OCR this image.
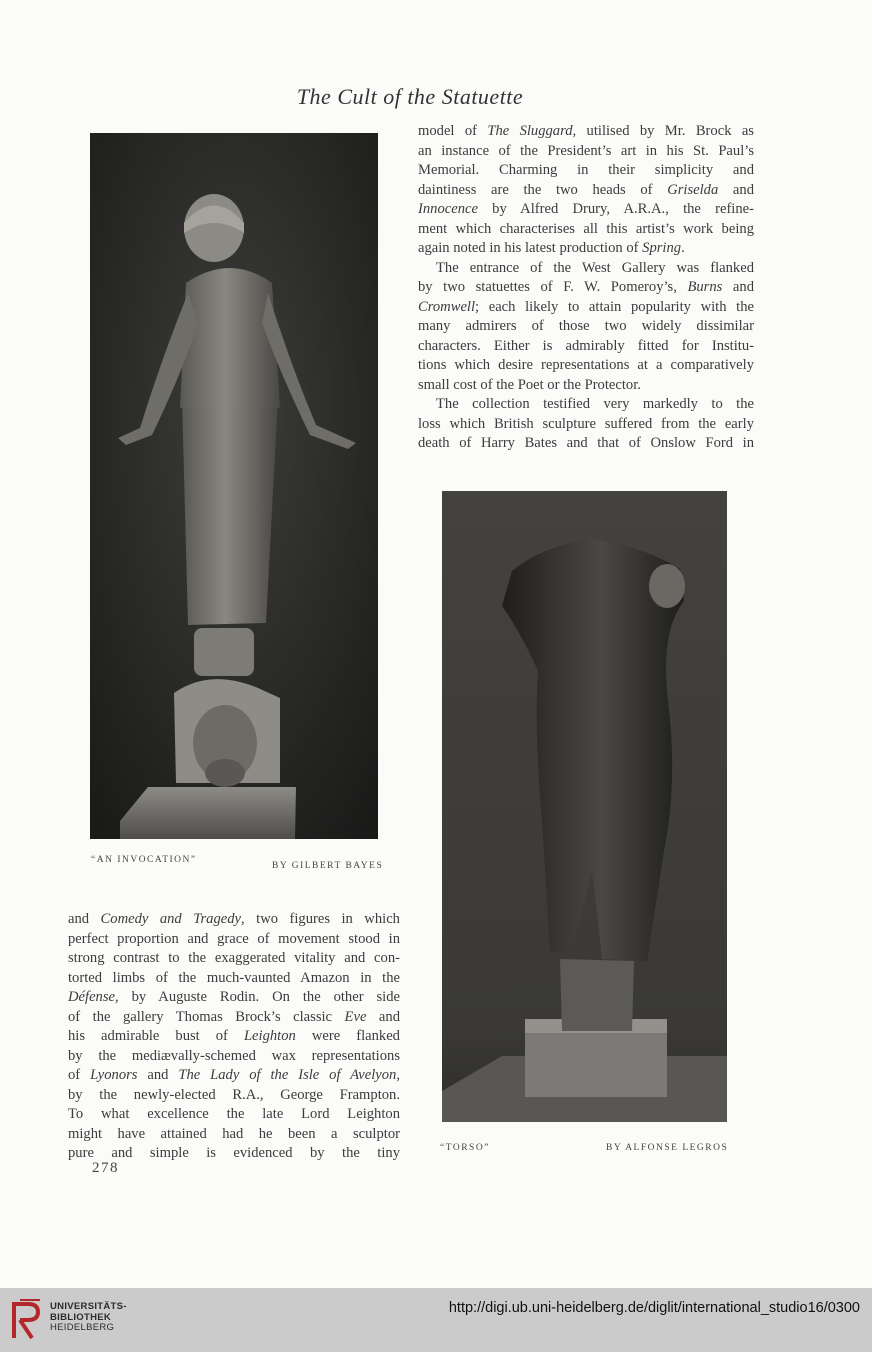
The Cult of the Statuette
“AN INVOCATION”
BY GILBERT BAYES
model of The Sluggard, utilised by Mr. Brock as
an instance of the President’s art in his St. Paul’s
Memorial. Charming in their simplicity and
daintiness are the two heads of Griselda and
Innocence by Alfred Drury, A.R.A., the refine-
ment which characterises all this artist’s work being
again noted in his latest production of Spring.
The entrance of the West Gallery was flanked
by two statuettes of F. W. Pomeroy’s, Burns and
Cromwell; each likely to attain popularity with the
many admirers of those two widely dissimilar
characters. Either is admirably fitted for Institu-
tions which desire representations at a comparatively
small cost of the Poet or the Protector.
The collection testified very markedly to the
loss which British sculpture suffered from the early
death of Harry Bates and that of Onslow Ford in
“TORSO”	BY ALFONSE LEGROS
and Comedy and Tragedy, two figures in which
perfect proportion and grace of movement stood in
strong contrast to the exaggerated vitality and con-
torted limbs of the much-vaunted Amazon in the
Défense, by Auguste Rodin. On the other side
of the gallery Thomas Brock’s classic Eve and
his admirable bust of Leighton were flanked
by the mediævally-schemed wax representations
of Lyonors and The Lady of the Isle of Avelyon,
by the newly-elected R.A., George Frampton.
To what excellence the late Lord Leighton
might have attained had he been a sculptor
pure and simple is evidenced by the tiny
278
UNIVERSITÄTS-
BIBLIOTHEK
HEIDELBERG
http://digi.ub.uni-heidelberg.de/diglit/international_studio16/0300
